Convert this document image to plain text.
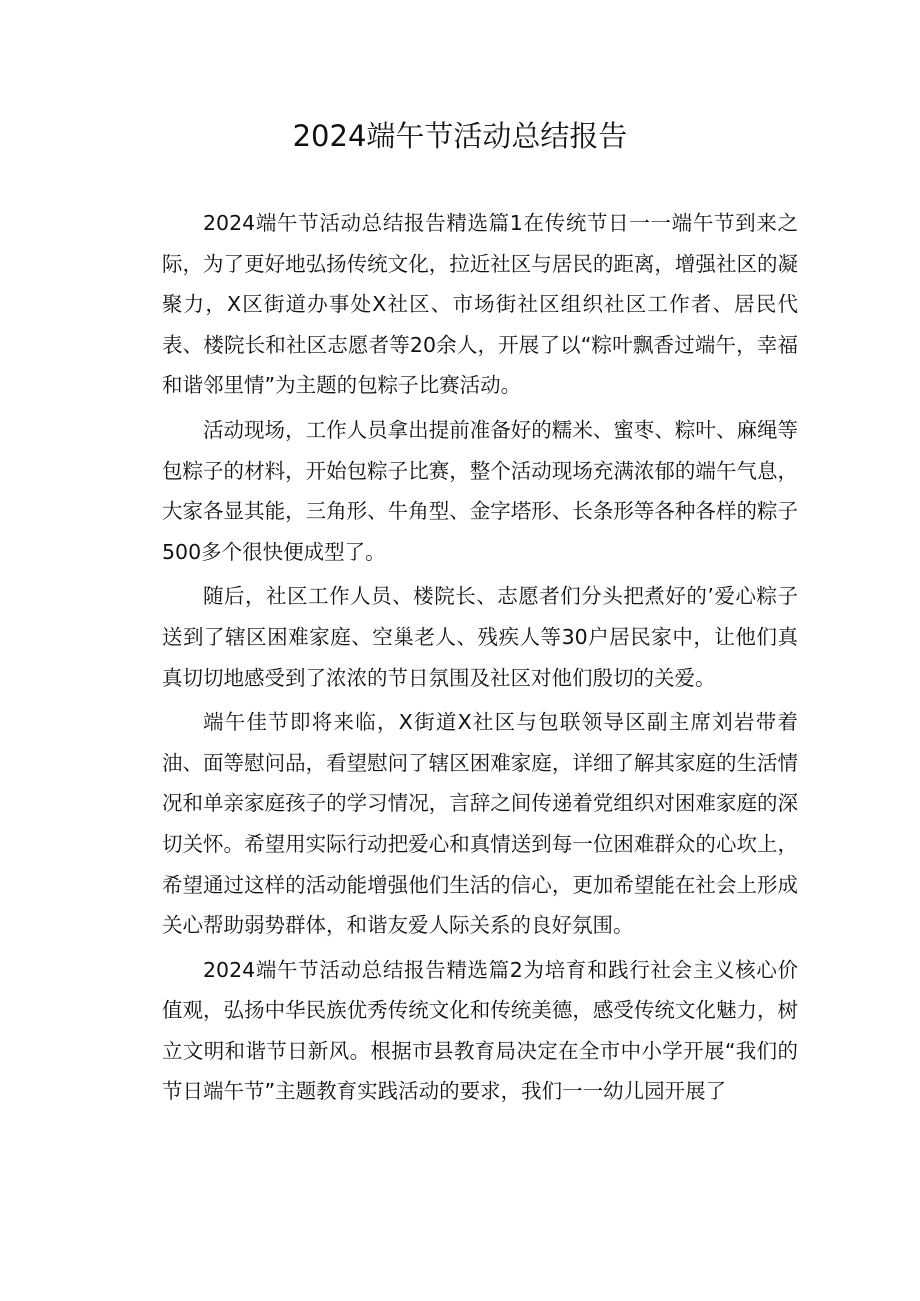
2024端午节活动总结报告

2024端午节活动总结报告精选篇1在传统节日一一端午节到来之际，为了更好地弘扬传统文化，拉近社区与居民的距离，增强社区的凝聚力，X区街道办事处X社区、市场街社区组织社区工作者、居民代表、楼院长和社区志愿者等20余人，开展了以“粽叶飘香过端午，幸福和谐邻里情”为主题的包粽子比赛活动。

活动现场，工作人员拿出提前准备好的糯米、蜜枣、粽叶、麻绳等包粽子的材料，开始包粽子比赛，整个活动现场充满浓郁的端午气息，大家各显其能，三角形、牛角型、金字塔形、长条形等各种各样的粽子500多个很快便成型了。

随后，社区工作人员、楼院长、志愿者们分头把煮好的’爱心粽子送到了辖区困难家庭、空巢老人、残疾人等30户居民家中，让他们真真切切地感受到了浓浓的节日氛围及社区对他们殷切的关爱。

端午佳节即将来临，X街道X社区与包联领导区副主席刘岩带着油、面等慰问品，看望慰问了辖区困难家庭，详细了解其家庭的生活情况和单亲家庭孩子的学习情况，言辞之间传递着党组织对困难家庭的深切关怀。希望用实际行动把爱心和真情送到每一位困难群众的心坎上，希望通过这样的活动能增强他们生活的信心，更加希望能在社会上形成关心帮助弱势群体，和谐友爱人际关系的良好氛围。

2024端午节活动总结报告精选篇2为培育和践行社会主义核心价值观，弘扬中华民族优秀传统文化和传统美德，感受传统文化魅力，树立文明和谐节日新风。根据市县教育局决定在全市中小学开展“我们的节日端午节”主题教育实践活动的要求，我们一一幼儿园开展了
